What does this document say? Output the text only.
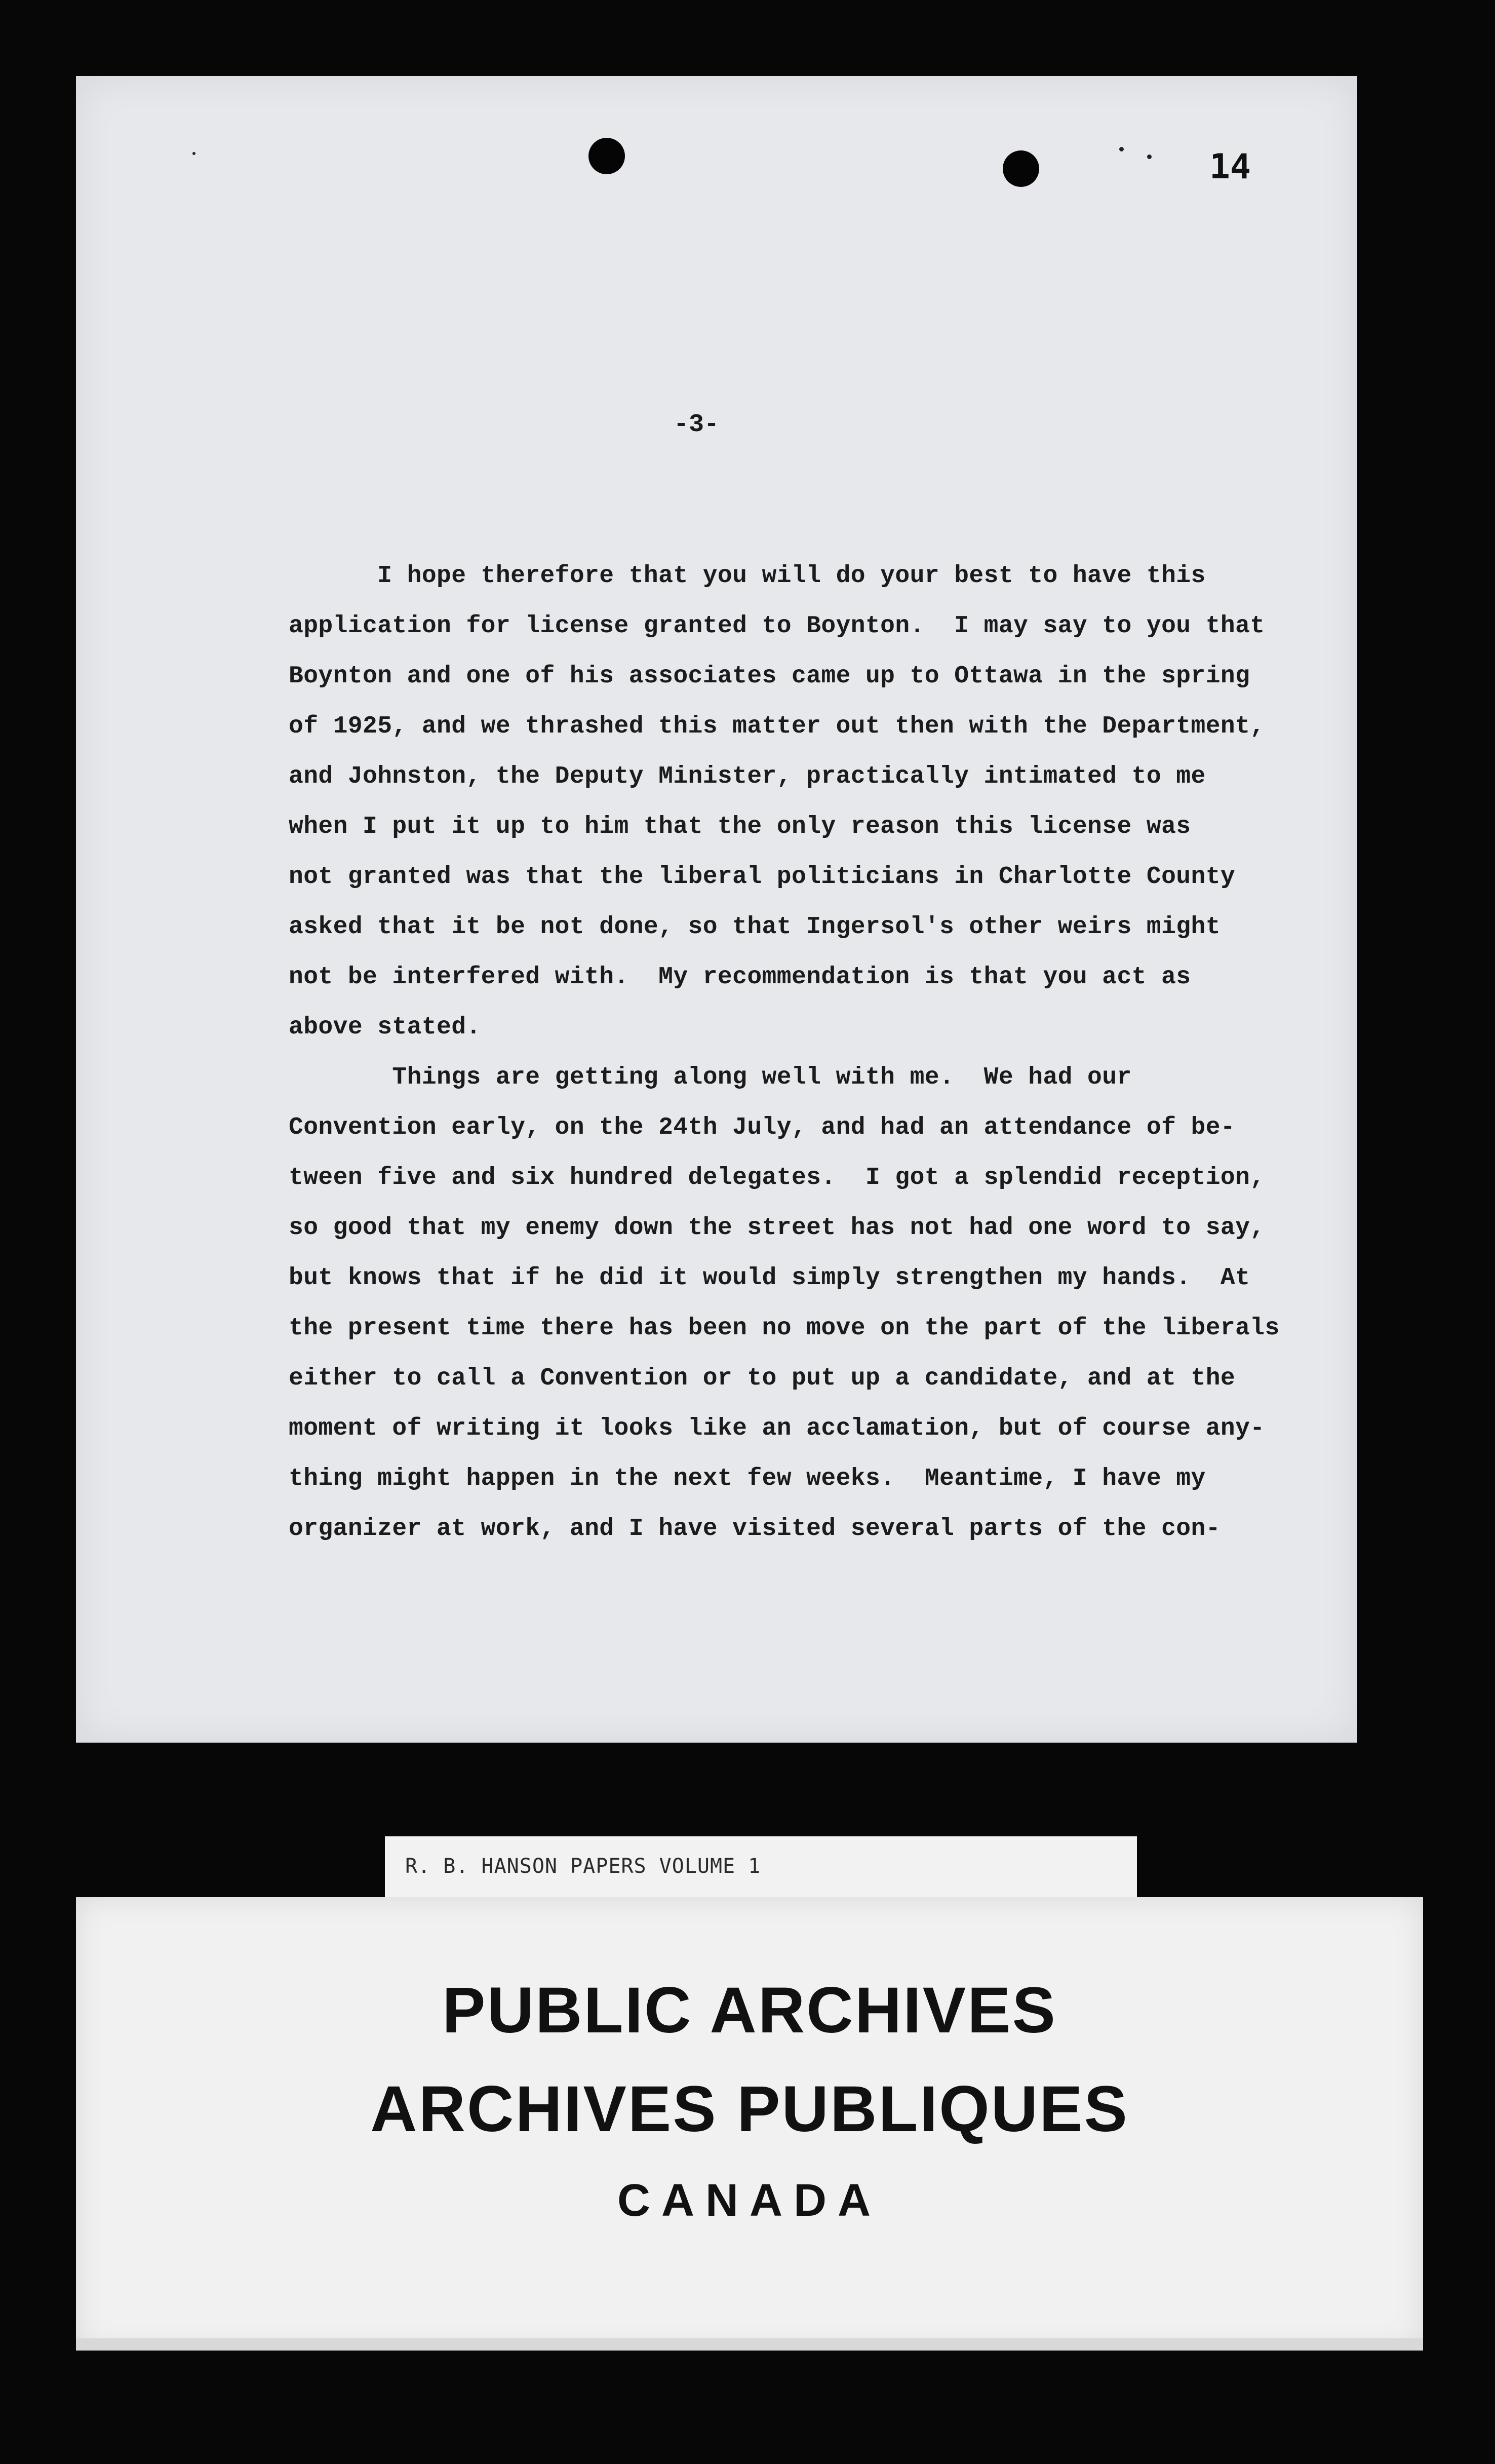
14
-3-
I hope therefore that you will do your best to have this
application for license granted to Boynton.  I may say to you that
Boynton and one of his associates came up to Ottawa in the spring
of 1925, and we thrashed this matter out then with the Department,
and Johnston, the Deputy Minister, practically intimated to me
when I put it up to him that the only reason this license was
not granted was that the liberal politicians in Charlotte County
asked that it be not done, so that Ingersol's other weirs might
not be interfered with.  My recommendation is that you act as
above stated.
Things are getting along well with me.  We had our
Convention early, on the 24th July, and had an attendance of be-
tween five and six hundred delegates.  I got a splendid reception,
so good that my enemy down the street has not had one word to say,
but knows that if he did it would simply strengthen my hands.  At
the present time there has been no move on the part of the liberals
either to call a Convention or to put up a candidate, and at the
moment of writing it looks like an acclamation, but of course any-
thing might happen in the next few weeks.  Meantime, I have my
organizer at work, and I have visited several parts of the con-
R. B. HANSON PAPERS VOLUME 1
PUBLIC ARCHIVES
ARCHIVES PUBLIQUES
CANADA
